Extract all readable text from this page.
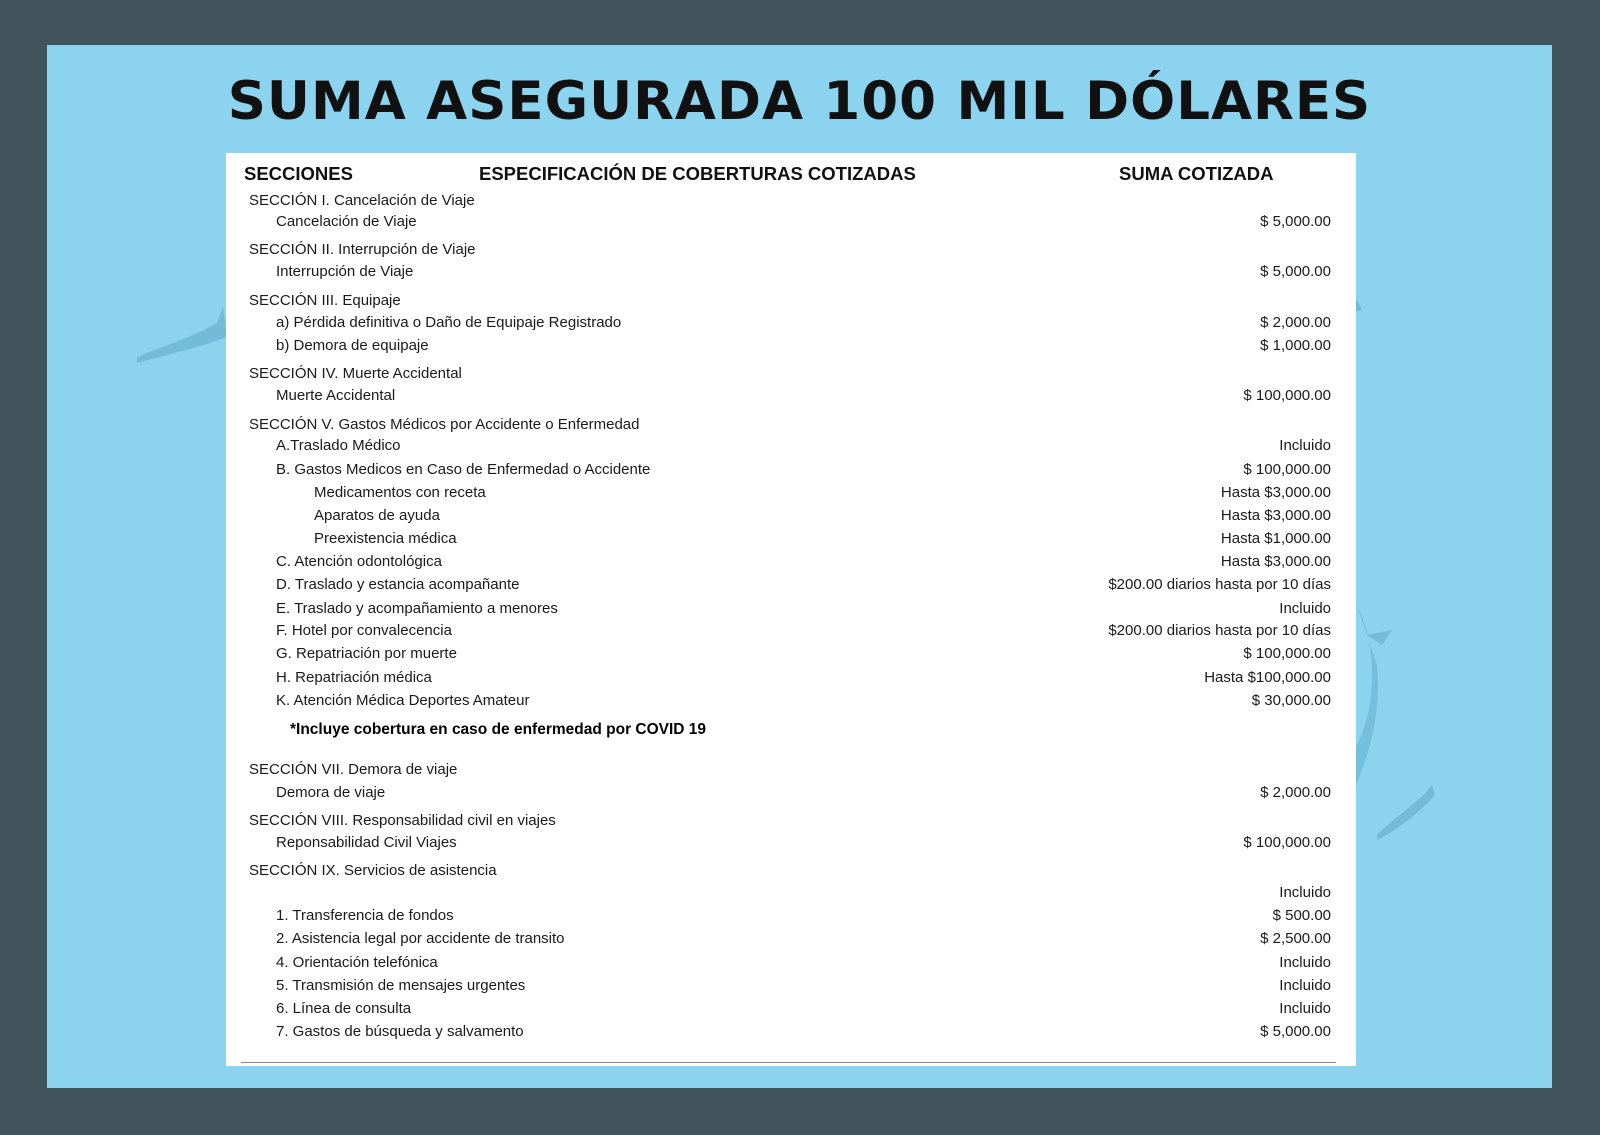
SUMA ASEGURADA 100 MIL DÓLARES
SECCIONES	ESPECIFICACIÓN DE COBERTURAS COTIZADAS	SUMA COTIZADA
SECCIÓN I. Cancelación de Viaje
Cancelación de Viaje	$ 5,000.00
SECCIÓN II. Interrupción de Viaje
Interrupción de Viaje	$ 5,000.00
SECCIÓN III. Equipaje
a) Pérdida definitiva o Daño de Equipaje Registrado	$ 2,000.00
b) Demora de equipaje	$ 1,000.00
SECCIÓN IV. Muerte Accidental
Muerte Accidental	$ 100,000.00
SECCIÓN V. Gastos Médicos por Accidente o Enfermedad
A.Traslado Médico	Incluido
B. Gastos Medicos en Caso de Enfermedad o Accidente	$ 100,000.00
Medicamentos con receta	Hasta $3,000.00
Aparatos de ayuda	Hasta $3,000.00
Preexistencia médica	Hasta $1,000.00
C. Atención odontológica	Hasta $3,000.00
D. Traslado y estancia acompañante	$200.00 diarios hasta por 10 días
E. Traslado y acompañamiento a menores	Incluido
F. Hotel por convalecencia	$200.00 diarios hasta por 10 días
G. Repatriación por muerte	$ 100,000.00
H. Repatriación médica	Hasta $100,000.00
K. Atención Médica Deportes Amateur	$ 30,000.00
*Incluye cobertura en caso de enfermedad por COVID 19
SECCIÓN VII. Demora de viaje
Demora de viaje	$ 2,000.00
SECCIÓN VIII. Responsabilidad civil en viajes
Reponsabilidad Civil Viajes	$ 100,000.00
SECCIÓN IX. Servicios de asistencia
Incluido
1. Transferencia de fondos	$ 500.00
2. Asistencia legal por accidente de transito	$ 2,500.00
4. Orientación telefónica	Incluido
5. Transmisión de mensajes urgentes	Incluido
6. Línea de consulta	Incluido
7. Gastos de búsqueda y salvamento	$ 5,000.00
